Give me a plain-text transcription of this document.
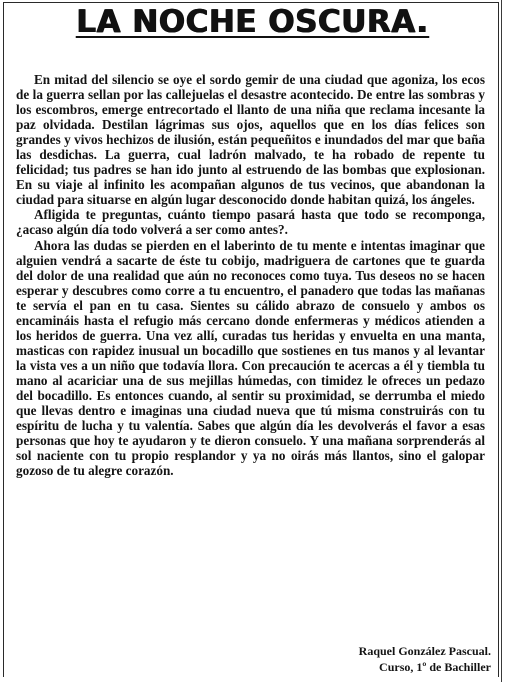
LA NOCHE OSCURA.

En mitad del silencio se oye el sordo gemir de una ciudad que agoniza, los ecos de la guerra sellan por las callejuelas el desastre acontecido. De entre las sombras y los escombros, emerge entrecortado el llanto de una niña que reclama incesante la paz olvidada. Destilan lágrimas sus ojos, aquellos que en los días felices son grandes y vivos hechizos de ilusión, están pequeñitos e inundados del mar que baña las desdichas. La guerra, cual ladrón malvado, te ha robado de repente tu felicidad; tus padres se han ido junto al estruendo de las bombas que explosionan. En su viaje al infinito les acompañan algunos de tus vecinos, que abandonan la ciudad para situarse en algún lugar desconocido donde habitan quizá, los ángeles.

Afligida te preguntas, cuánto tiempo pasará hasta que todo se recomponga, ¿acaso algún día todo volverá a ser como antes?.

Ahora las dudas se pierden en el laberinto de tu mente e intentas imaginar que alguien vendrá a sacarte de éste tu cobijo, madriguera de cartones que te guarda del dolor de una realidad que aún no reconoces como tuya. Tus deseos no se hacen esperar y descubres como corre a tu encuentro, el panadero que todas las mañanas te servía el pan en tu casa. Sientes su cálido abrazo de consuelo y ambos os encamináis hasta el refugio más cercano donde enfermeras y médicos atienden a los heridos de guerra. Una vez allí, curadas tus heridas y envuelta en una manta, masticas con rapidez inusual un bocadillo que sostienes en tus manos y al levantar la vista ves a un niño que todavía llora. Con precaución te acercas a él y tiembla tu mano al acariciar una de sus mejillas húmedas, con timidez le ofreces un pedazo del bocadillo. Es entonces cuando, al sentir su proximidad, se derrumba el miedo que llevas dentro e imaginas una ciudad nueva que tú misma construirás con tu espíritu de lucha y tu valentía. Sabes que algún día les devolverás el favor a esas personas que hoy te ayudaron y te dieron consuelo. Y una mañana sorprenderás al sol naciente con tu propio resplandor y ya no oirás más llantos, sino el galopar gozoso de tu alegre corazón.

Raquel González Pascual.
Curso, 1º de Bachiller
